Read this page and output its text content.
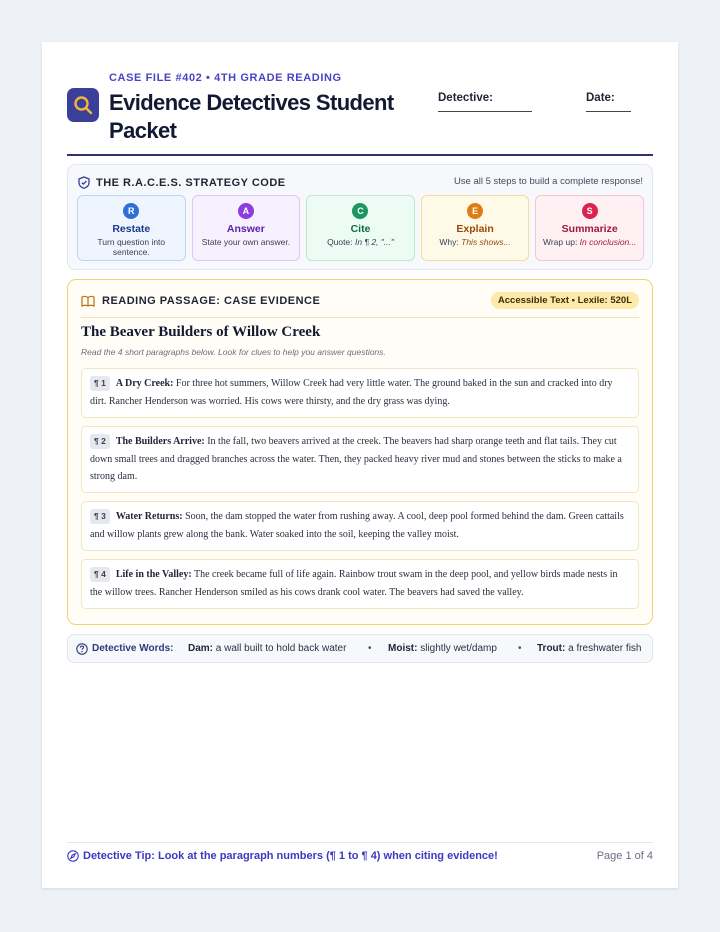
CASE FILE #402 • 4TH GRADE READING
Evidence Detectives Student Packet
Detective:	Date:
THE R.A.C.E.S. STRATEGY CODE	Use all 5 steps to build a complete response!
R
Restate
Turn question into sentence.
A
Answer
State your own answer.
C
Cite
Quote: In ¶ 2, "..."
E
Explain
Why: This shows...
S
Summarize
Wrap up: In conclusion...
READING PASSAGE: CASE EVIDENCE	Accessible Text • Lexile: 520L
The Beaver Builders of Willow Creek
Read the 4 short paragraphs below. Look for clues to help you answer questions.
¶ 1 A Dry Creek: For three hot summers, Willow Creek had very little water. The ground baked in the sun and cracked into dry dirt. Rancher Henderson was worried. His cows were thirsty, and the dry grass was dying.
¶ 2 The Builders Arrive: In the fall, two beavers arrived at the creek. The beavers had sharp orange teeth and flat tails. They cut down small trees and dragged branches across the water. Then, they packed heavy river mud and stones between the sticks to make a strong dam.
¶ 3 Water Returns: Soon, the dam stopped the water from rushing away. A cool, deep pool formed behind the dam. Green cattails and willow plants grew along the bank. Water soaked into the soil, keeping the valley moist.
¶ 4 Life in the Valley: The creek became full of life again. Rainbow trout swam in the deep pool, and yellow birds made nests in the willow trees. Rancher Henderson smiled as his cows drank cool water. The beavers had saved the valley.
Detective Words: Dam: a wall built to hold back water • Moist: slightly wet/damp • Trout: a freshwater fish
Detective Tip: Look at the paragraph numbers (¶ 1 to ¶ 4) when citing evidence!	Page 1 of 4
